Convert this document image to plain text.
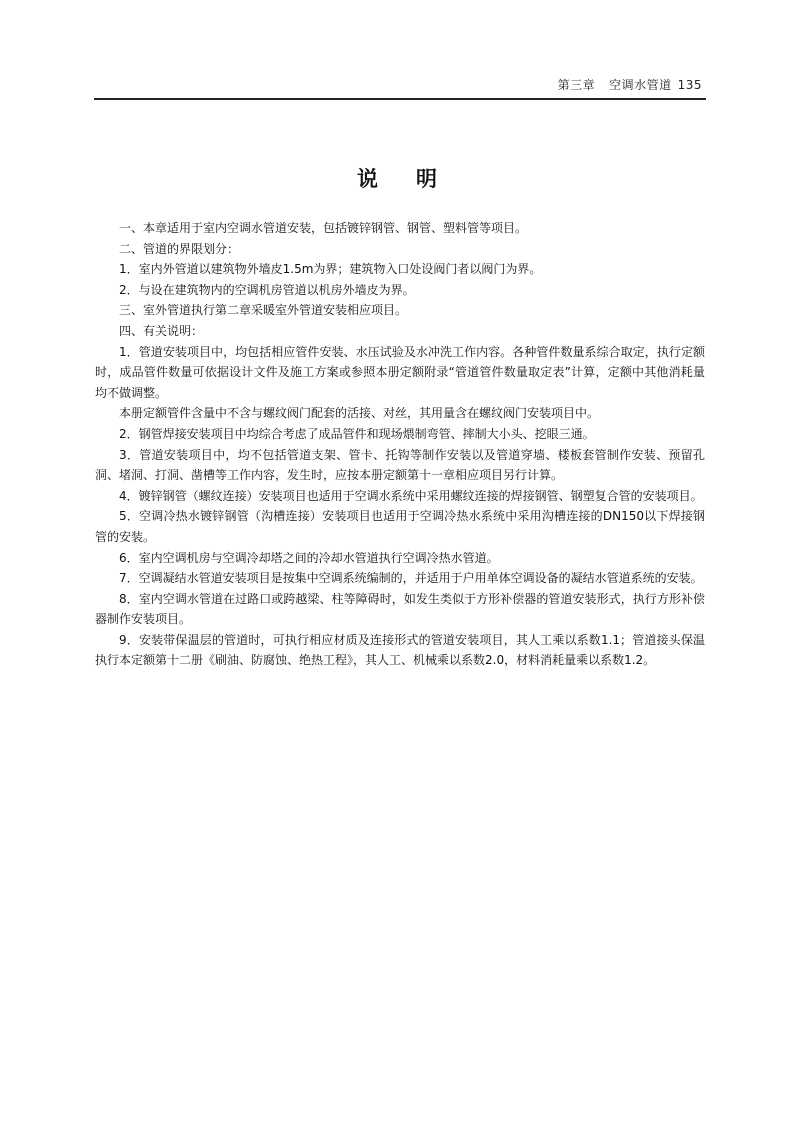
第三章 空调水管道 135
说明

一、本章适用于室内空调水管道安装，包括镀锌钢管、钢管、塑料管等项目。

二、管道的界限划分：

1．室内外管道以建筑物外墙皮1.5m为界；建筑物入口处设阀门者以阀门为界。

2．与设在建筑物内的空调机房管道以机房外墙皮为界。

三、室外管道执行第二章采暖室外管道安装相应项目。

四、有关说明：

1．管道安装项目中，均包括相应管件安装、水压试验及水冲洗工作内容。各种管件数量系综合取定，执行定额时，成品管件数量可依据设计文件及施工方案或参照本册定额附录“管道管件数量取定表”计算，定额中其他消耗量均不做调整。

本册定额管件含量中不含与螺纹阀门配套的活接、对丝，其用量含在螺纹阀门安装项目中。

2．钢管焊接安装项目中均综合考虑了成品管件和现场煨制弯管、摔制大小头、挖眼三通。

3．管道安装项目中，均不包括管道支架、管卡、托钩等制作安装以及管道穿墙、楼板套管制作安装、预留孔洞、堵洞、打洞、凿槽等工作内容，发生时，应按本册定额第十一章相应项目另行计算。

4．镀锌钢管（螺纹连接）安装项目也适用于空调水系统中采用螺纹连接的焊接钢管、钢塑复合管的安装项目。

5．空调冷热水镀锌钢管（沟槽连接）安装项目也适用于空调冷热水系统中采用沟槽连接的DN150以下焊接钢管的安装。

6．室内空调机房与空调冷却塔之间的冷却水管道执行空调冷热水管道。

7．空调凝结水管道安装项目是按集中空调系统编制的，并适用于户用单体空调设备的凝结水管道系统的安装。

8．室内空调水管道在过路口或跨越梁、柱等障碍时，如发生类似于方形补偿器的管道安装形式，执行方形补偿器制作安装项目。

9．安装带保温层的管道时，可执行相应材质及连接形式的管道安装项目，其人工乘以系数1.1；管道接头保温执行本定额第十二册《刷油、防腐蚀、绝热工程》，其人工、机械乘以系数2.0，材料消耗量乘以系数1.2。
